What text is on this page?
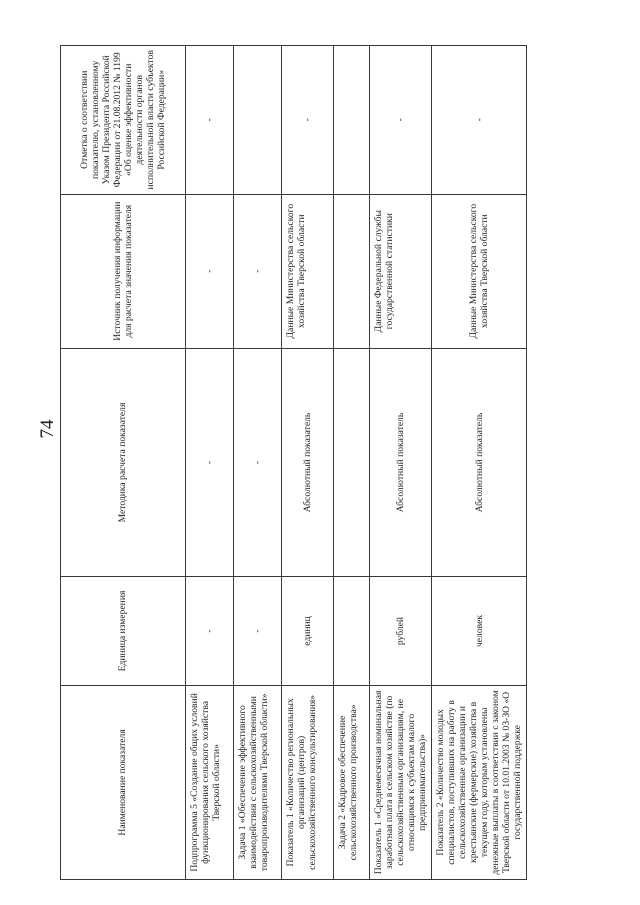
74
Наименование показателя	Единица измерения	Методика расчета показателя	Источник получения информации для расчета значения показателя	Отметка о соответствии показателю, установленному Указом Президента Российской Федерации от 21.08.2012 № 1199 «Об оценке эффективности деятельности органов исполнительной власти субъектов Российской Федерации»
Подпрограмма 5 «Создание общих условий функционирования сельского хозяйства Тверской области»	-	-	-	-
Задача 1 «Обеспечение эффективного взаимодействия с сельскохозяйственными товаропроизводителями Тверской области»	-	-	-	
Показатель 1 «Количество региональных организаций (центров) сельскохозяйственного консультирования»	единиц	Абсолютный показатель	Данные Министерства сельского хозяйства Тверской области	-
Задача 2 «Кадровое обеспечение сельскохозяйственного производства»				
Показатель 1 «Среднемесячная номинальная заработная плата в сельском хозяйстве (по сельскохозяйственным организациям, не относящимся к субъектам малого предпринимательства)»	рублей	Абсолютный показатель	Данные Федеральной службы государственной статистики	-
Показатель 2 «Количество молодых специалистов, поступивших на работу в сельскохозяйственные организации и крестьянские (фермерские) хозяйства в текущем году, которым установлены денежные выплаты в соответствии с законом Тверской области от 10.01.2003 № 03-ЗО «О государственной поддержке	человек	Абсолютный показатель	Данные Министерства сельского хозяйства Тверской области	-
